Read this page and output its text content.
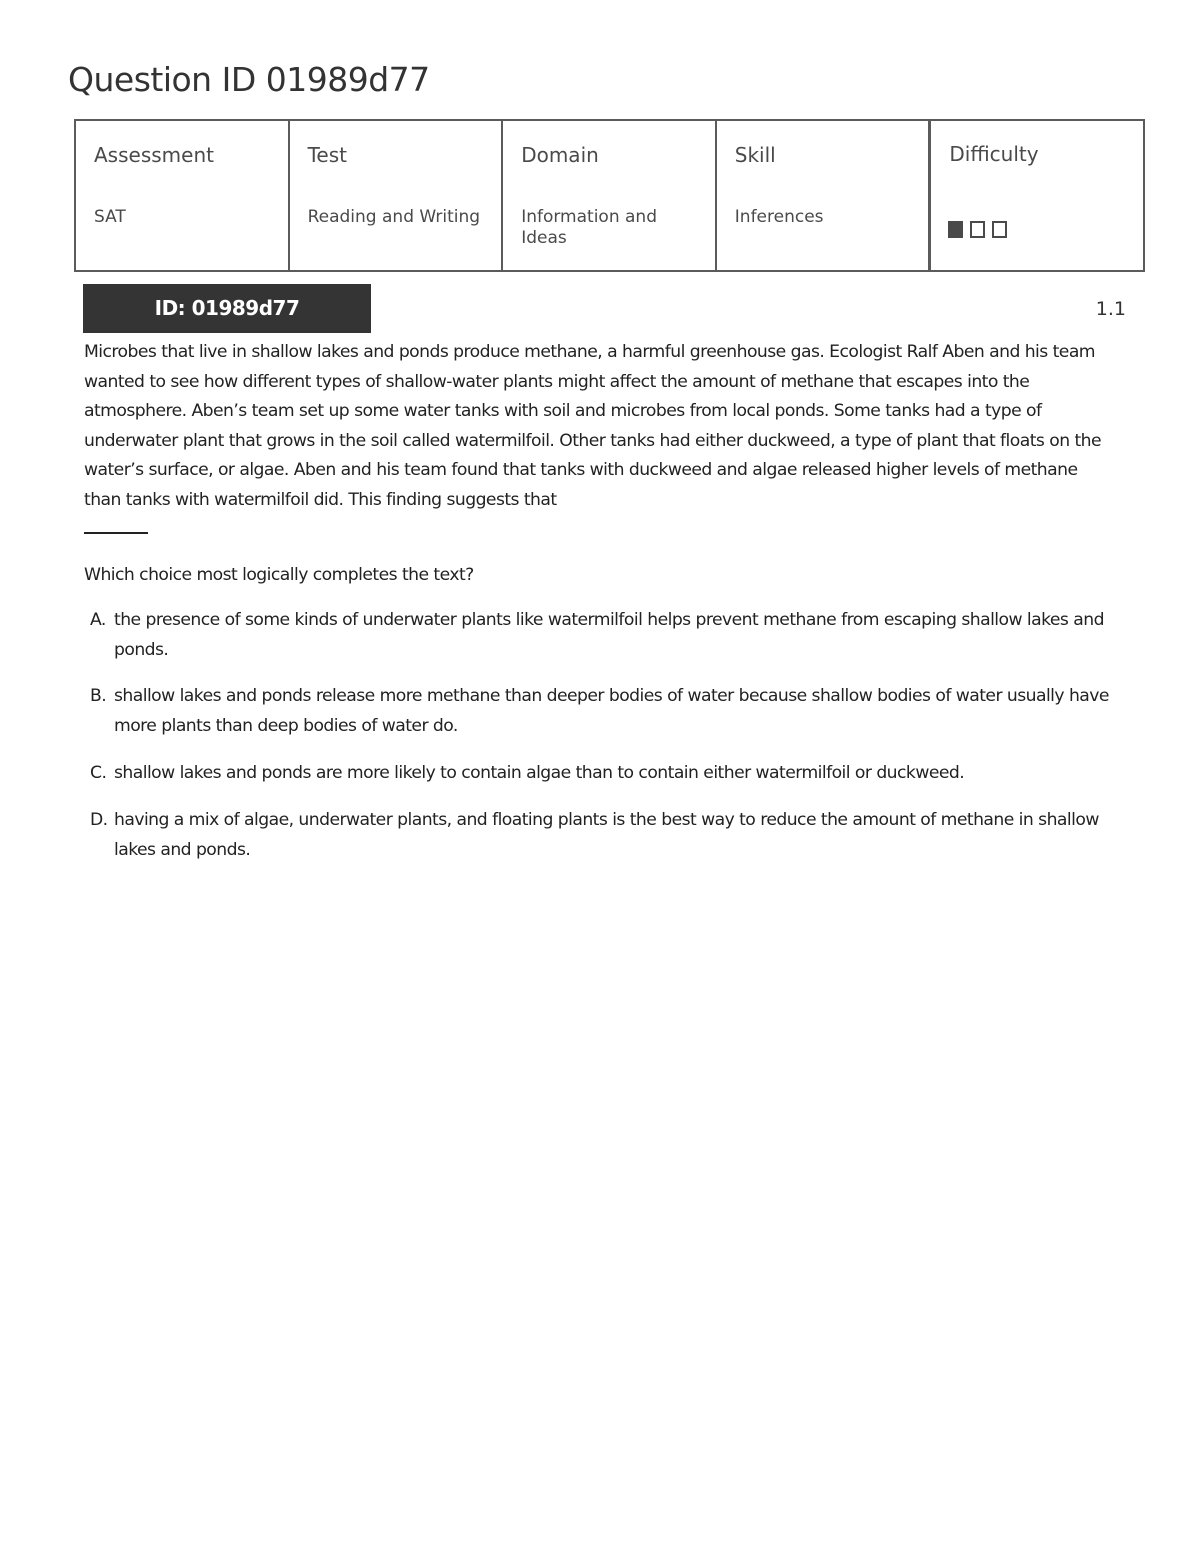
Question ID 01989d77
Assessment
SAT
Test
Reading and Writing
Domain
Information and Ideas
Skill
Inferences
Difficulty
ID: 01989d77	1.1

Microbes that live in shallow lakes and ponds produce methane, a harmful greenhouse gas. Ecologist Ralf Aben and his team wanted to see how different types of shallow-water plants might affect the amount of methane that escapes into the atmosphere. Aben’s team set up some water tanks with soil and microbes from local ponds. Some tanks had a type of underwater plant that grows in the soil called watermilfoil. Other tanks had either duckweed, a type of plant that floats on the water’s surface, or algae. Aben and his team found that tanks with duckweed and algae released higher levels of methane than tanks with watermilfoil did. This finding suggests that

Which choice most logically completes the text?

A. the presence of some kinds of underwater plants like watermilfoil helps prevent methane from escaping shallow lakes and ponds.
B. shallow lakes and ponds release more methane than deeper bodies of water because shallow bodies of water usually have more plants than deep bodies of water do.
C. shallow lakes and ponds are more likely to contain algae than to contain either watermilfoil or duckweed.
D. having a mix of algae, underwater plants, and floating plants is the best way to reduce the amount of methane in shallow lakes and ponds.
